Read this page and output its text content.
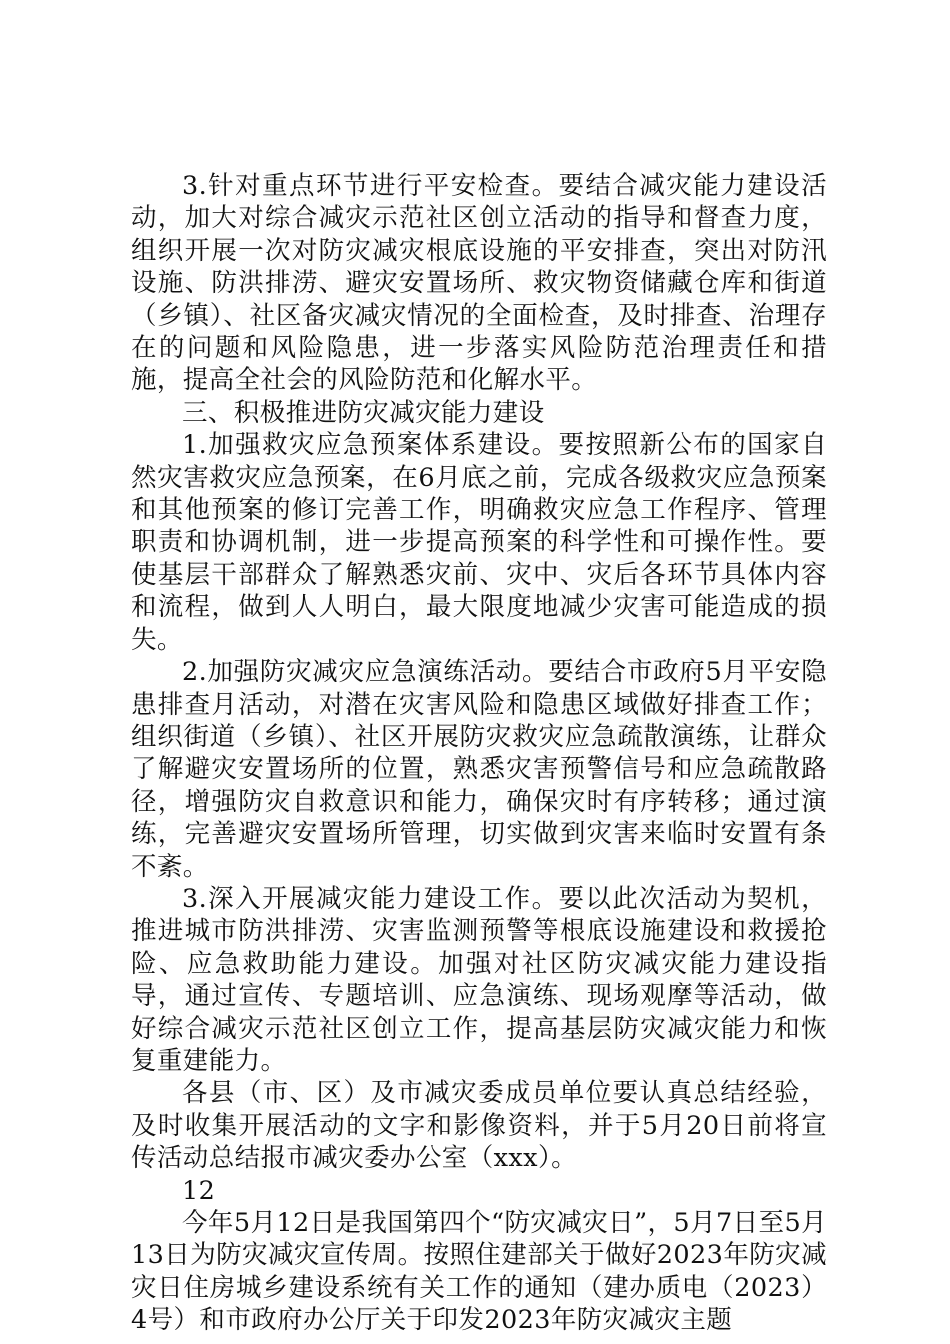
3.针对重点环节进行平安检查。要结合减灾能力建设活动，加大对综合减灾示范社区创立活动的指导和督查力度，组织开展一次对防灾减灾根底设施的平安排查，突出对防汛设施、防洪排涝、避灾安置场所、救灾物资储藏仓库和街道（乡镇）、社区备灾减灾情况的全面检查，及时排查、治理存在的问题和风险隐患，进一步落实风险防范治理责任和措施，提高全社会的风险防范和化解水平。

三、积极推进防灾减灾能力建设

1.加强救灾应急预案体系建设。要按照新公布的国家自然灾害救灾应急预案，在6月底之前，完成各级救灾应急预案和其他预案的修订完善工作，明确救灾应急工作程序、管理职责和协调机制，进一步提高预案的科学性和可操作性。要使基层干部群众了解熟悉灾前、灾中、灾后各环节具体内容和流程，做到人人明白，最大限度地减少灾害可能造成的损失。

2.加强防灾减灾应急演练活动。要结合市政府5月平安隐患排查月活动，对潜在灾害风险和隐患区域做好排查工作；组织街道（乡镇）、社区开展防灾救灾应急疏散演练，让群众了解避灾安置场所的位置，熟悉灾害预警信号和应急疏散路径，增强防灾自救意识和能力，确保灾时有序转移；通过演练，完善避灾安置场所管理，切实做到灾害来临时安置有条不紊。

3.深入开展减灾能力建设工作。要以此次活动为契机，推进城市防洪排涝、灾害监测预警等根底设施建设和救援抢险、应急救助能力建设。加强对社区防灾减灾能力建设指导，通过宣传、专题培训、应急演练、现场观摩等活动，做好综合减灾示范社区创立工作，提高基层防灾减灾能力和恢复重建能力。

各县（市、区）及市减灾委成员单位要认真总结经验，及时收集开展活动的文字和影像资料，并于5月20日前将宣传活动总结报市减灾委办公室（xxx）。

12

今年5月12日是我国第四个“防灾减灾日”，5月7日至5月13日为防灾减灾宣传周。按照住建部关于做好2023年防灾减灾日住房城乡建设系统有关工作的通知（建办质电（2023）4号）和市政府办公厅关于印发2023年防灾减灾主题
